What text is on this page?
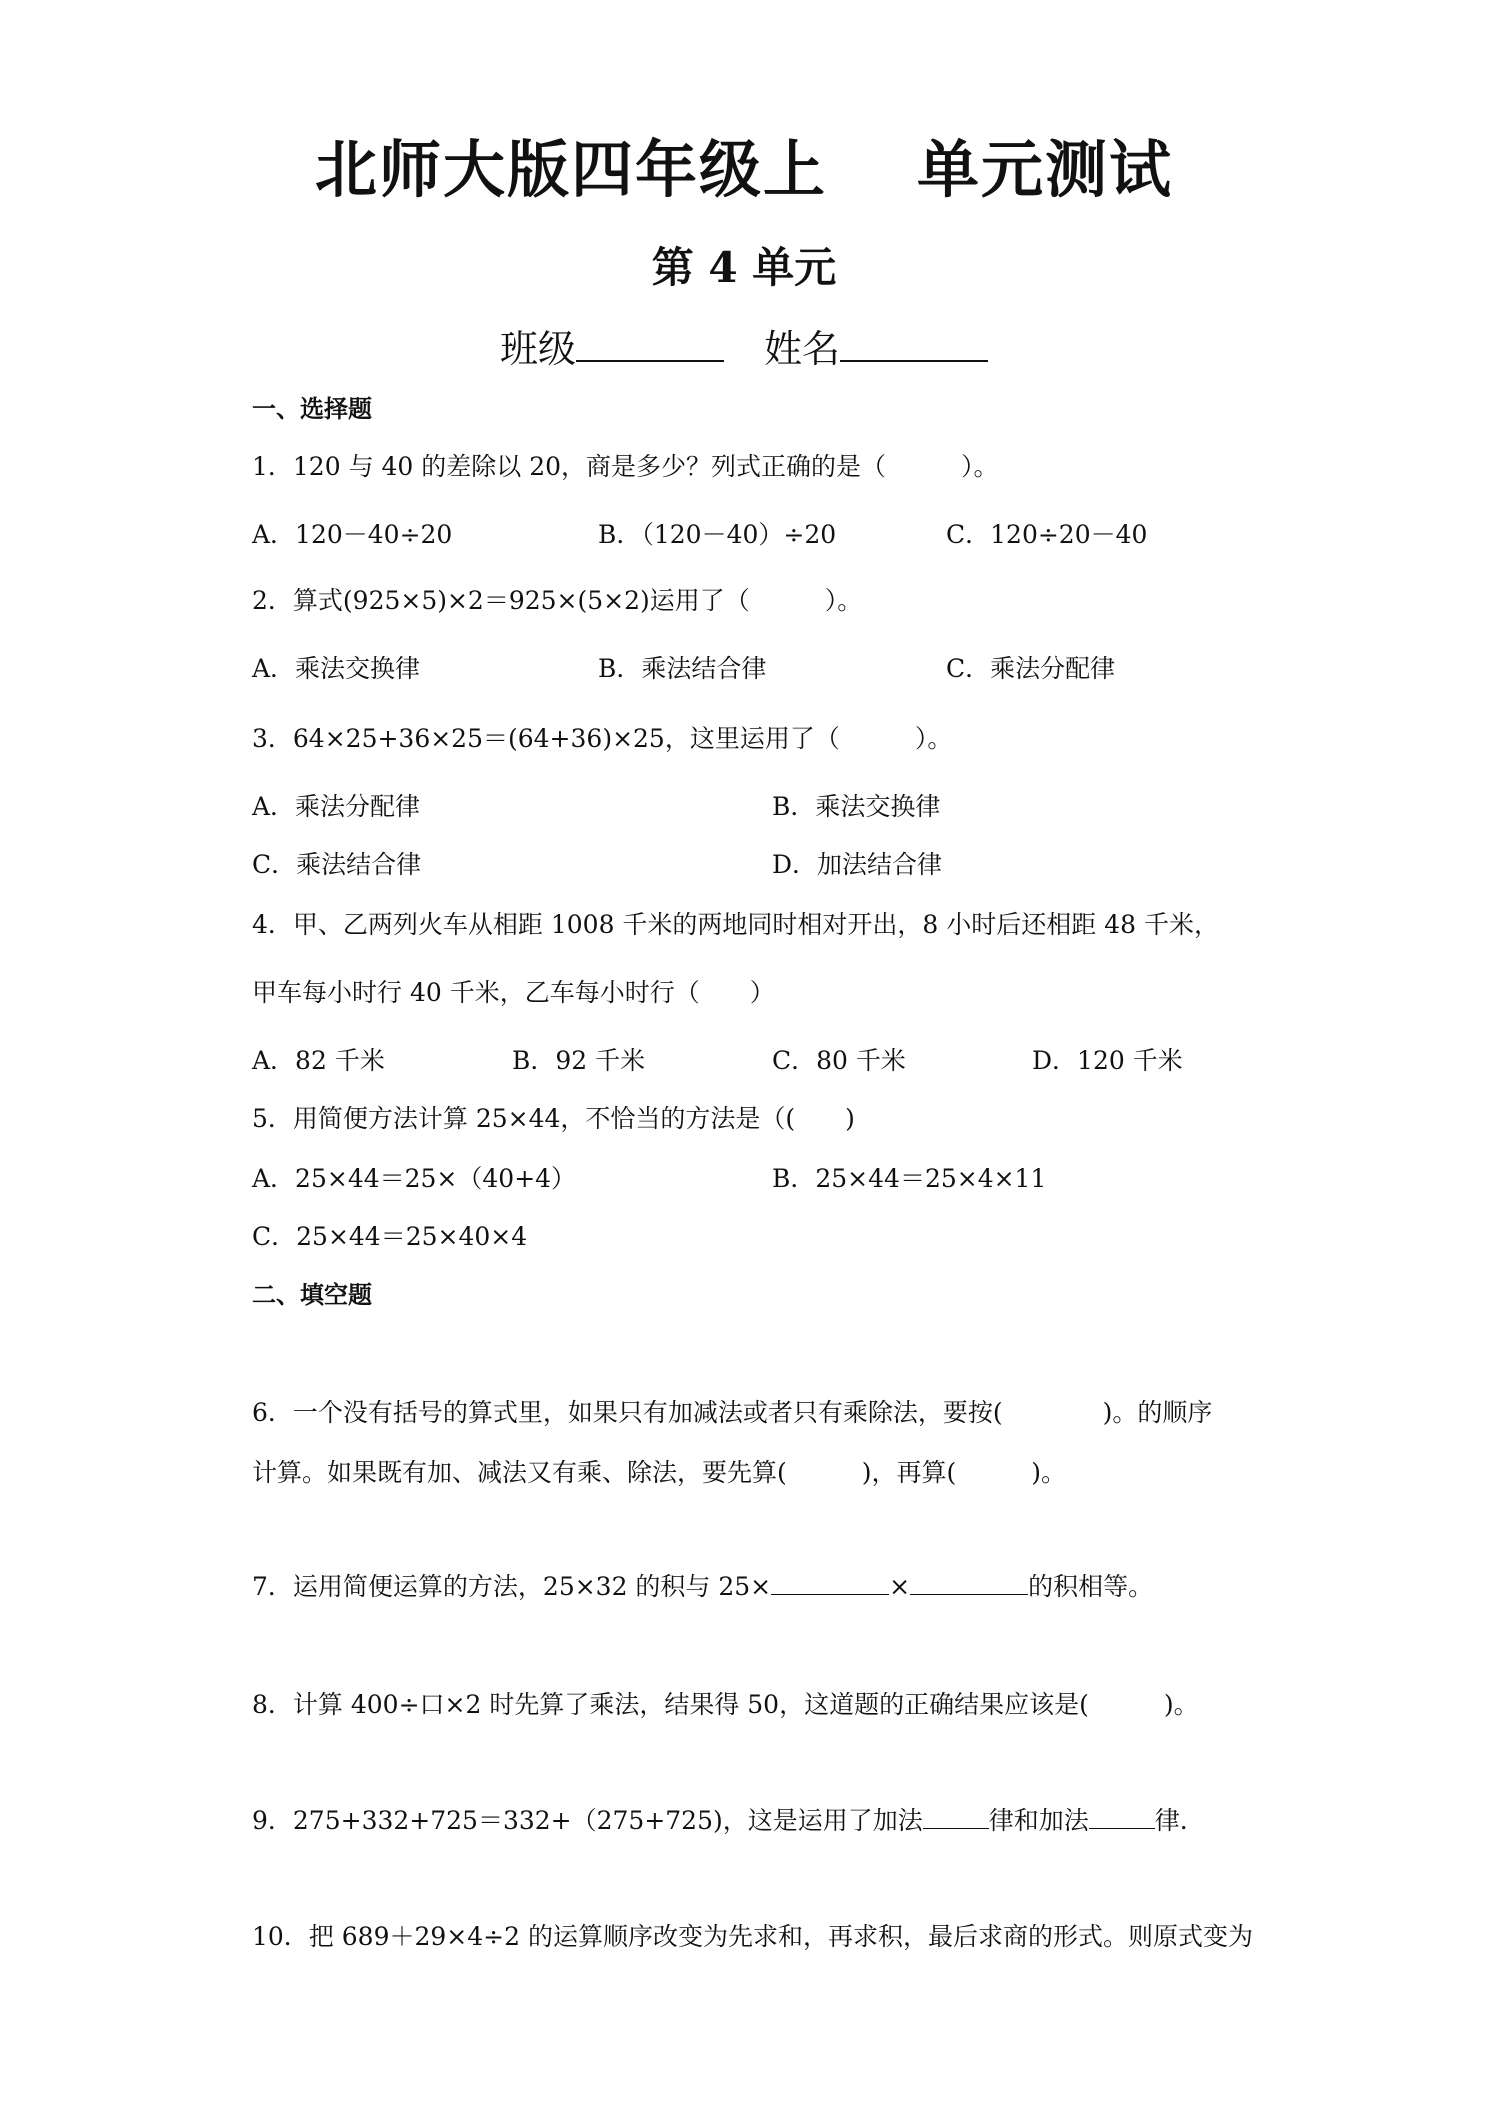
北师大版四年级上 单元测试
第 4 单元
班级	姓名
一、选择题
1．120 与 40 的差除以 20，商是多少？列式正确的是（　　　）。
A．120－40÷20	B．（120－40）÷20	C．120÷20－40
2．算式(925×5)×2＝925×(5×2)运用了（　　　）。
A．乘法交换律	B．乘法结合律	C．乘法分配律
3．64×25+36×25＝(64+36)×25，这里运用了（　　　）。
A．乘法分配律	B．乘法交换律
C．乘法结合律	D．加法结合律
4．甲、乙两列火车从相距 1008 千米的两地同时相对开出，8 小时后还相距 48 千米，
甲车每小时行 40 千米，乙车每小时行（　　）
A．82 千米	B．92 千米	C．80 千米	D．120 千米
5．用简便方法计算 25×44，不恰当的方法是（(　　)
A．25×44＝25×（40+4）	B．25×44＝25×4×11
C．25×44＝25×40×4
二、填空题
6．一个没有括号的算式里，如果只有加减法或者只有乘除法，要按(　　　　)。的顺序
计算。如果既有加、减法又有乘、除法，要先算(　　　)，再算(　　　)。
7．运用简便运算的方法，25×32 的积与 25×	×	的积相等。
8．计算 400÷口×2 时先算了乘法，结果得 50，这道题的正确结果应该是(　　　)。
9．275+332+725＝332+（275+725)，这是运用了加法	律和加法	律.
10．把 689＋29×4÷2 的运算顺序改变为先求和，再求积，最后求商的形式。则原式变为
